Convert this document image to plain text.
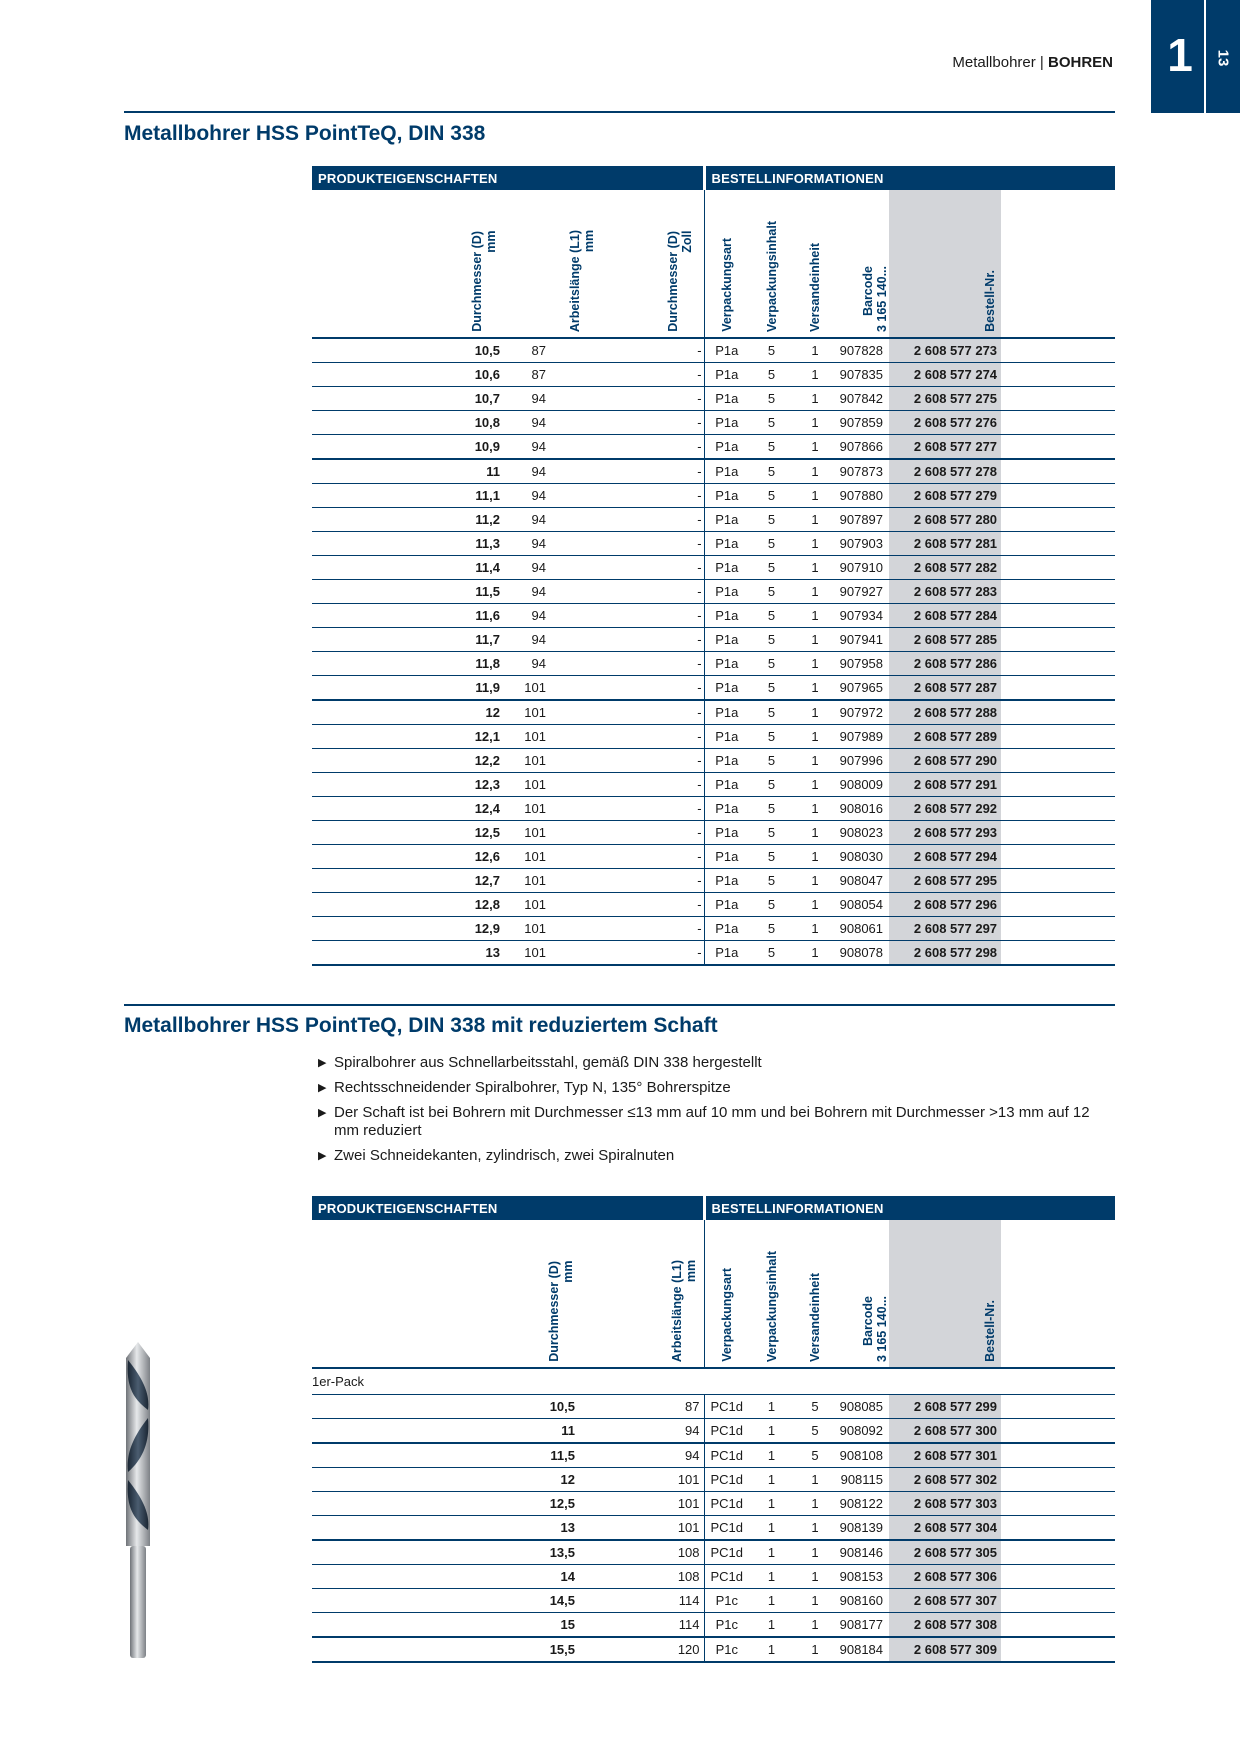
1	13
Metallbohrer | BOHREN
Metallbohrer HSS PointTeQ, DIN 338
PRODUKTEIGENSCHAFTEN			BESTELLINFORMATIONEN					

Durchmesser (D) mm	Arbeitslänge (L1) mm	Durchmesser (D) Zoll	Verpackungsart	Verpackungsinhalt	Versandeinheit	Barcode 3 165 140...	Bestell-Nr.	

10,5	87	-	P1a	5	1	907828	2 608 577 273	
10,6	87	-	P1a	5	1	907835	2 608 577 274	
10,7	94	-	P1a	5	1	907842	2 608 577 275	
10,8	94	-	P1a	5	1	907859	2 608 577 276	
10,9	94	-	P1a	5	1	907866	2 608 577 277	
11	94	-	P1a	5	1	907873	2 608 577 278	
11,1	94	-	P1a	5	1	907880	2 608 577 279	
11,2	94	-	P1a	5	1	907897	2 608 577 280	
11,3	94	-	P1a	5	1	907903	2 608 577 281	
11,4	94	-	P1a	5	1	907910	2 608 577 282	
11,5	94	-	P1a	5	1	907927	2 608 577 283	
11,6	94	-	P1a	5	1	907934	2 608 577 284	
11,7	94	-	P1a	5	1	907941	2 608 577 285	
11,8	94	-	P1a	5	1	907958	2 608 577 286	
11,9	101	-	P1a	5	1	907965	2 608 577 287	
12	101	-	P1a	5	1	907972	2 608 577 288	
12,1	101	-	P1a	5	1	907989	2 608 577 289	
12,2	101	-	P1a	5	1	907996	2 608 577 290	
12,3	101	-	P1a	5	1	908009	2 608 577 291	
12,4	101	-	P1a	5	1	908016	2 608 577 292	
12,5	101	-	P1a	5	1	908023	2 608 577 293	
12,6	101	-	P1a	5	1	908030	2 608 577 294	
12,7	101	-	P1a	5	1	908047	2 608 577 295	
12,8	101	-	P1a	5	1	908054	2 608 577 296	
12,9	101	-	P1a	5	1	908061	2 608 577 297	
13	101	-	P1a	5	1	908078	2 608 577 298	
Metallbohrer HSS PointTeQ, DIN 338 mit reduziertem Schaft
▶ Spiralbohrer aus Schnellarbeitsstahl, gemäß DIN 338 hergestellt
▶ Rechtsschneidender Spiralbohrer, Typ N, 135° Bohrerspitze
▶ Der Schaft ist bei Bohrern mit Durchmesser ≤13 mm auf 10 mm und bei Bohrern mit Durchmesser >13 mm auf 12 mm reduziert
▶ Zwei Schneidekanten, zylindrisch, zwei Spiralnuten
PRODUKTEIGENSCHAFTEN		BESTELLINFORMATIONEN					

Durchmesser (D) mm	Arbeitslänge (L1) mm	Verpackungsart	Verpackungsinhalt	Versandeinheit	Barcode 3 165 140...	Bestell-Nr.	

1er-Pack							
10,5	87	PC1d	1	5	908085	2 608 577 299	
11	94	PC1d	1	5	908092	2 608 577 300	
11,5	94	PC1d	1	5	908108	2 608 577 301	
12	101	PC1d	1	1	908115	2 608 577 302	
12,5	101	PC1d	1	1	908122	2 608 577 303	
13	101	PC1d	1	1	908139	2 608 577 304	
13,5	108	PC1d	1	1	908146	2 608 577 305	
14	108	PC1d	1	1	908153	2 608 577 306	
14,5	114	P1c	1	1	908160	2 608 577 307	
15	114	P1c	1	1	908177	2 608 577 308	
15,5	120	P1c	1	1	908184	2 608 577 309	
